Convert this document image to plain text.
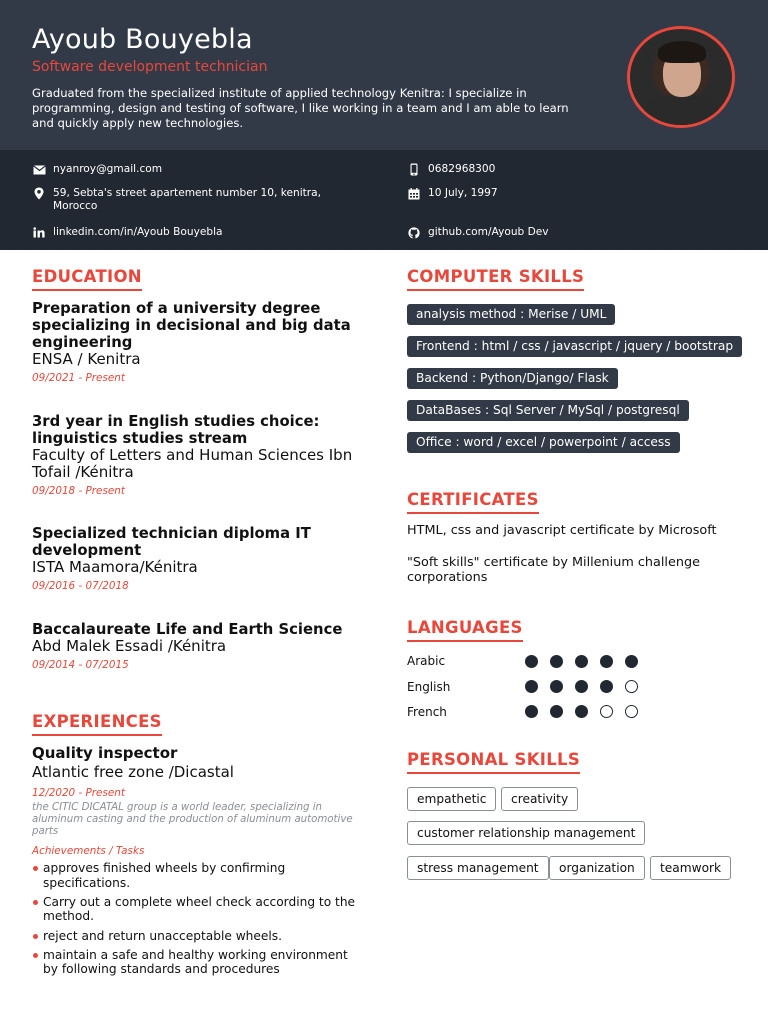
Ayoub Bouyebla
Software development technician
Graduated from the specialized institute of applied technology Kenitra: I specialize in programming, design and testing of software, I like working in a team and I am able to learn and quickly apply new technologies.
nyanroy@gmail.com
59, Sebta's street apartement number 10, kenitra, Morocco
linkedin.com/in/Ayoub Bouyebla
0682968300
10 July, 1997
github.com/Ayoub Dev
EDUCATION
Preparation of a university degree specializing in decisional and big data engineering
ENSA / Kenitra
09/2021 - Present
3rd year in English studies choice: linguistics studies stream
Faculty of Letters and Human Sciences Ibn Tofail /Kénitra
09/2018 - Present
Specialized technician diploma IT development
ISTA Maamora/Kénitra
09/2016 - 07/2018
Baccalaureate Life and Earth Science
Abd Malek Essadi /Kénitra
09/2014 - 07/2015
EXPERIENCES
Quality inspector
Atlantic free zone /Dicastal
12/2020 - Present
the CITIC DICATAL group is a world leader, specializing in aluminum casting and the production of aluminum automotive parts
Achievements / Tasks
approves finished wheels by confirming specifications.
Carry out a complete wheel check according to the method.
reject and return unacceptable wheels.
maintain a safe and healthy working environment by following standards and procedures
COMPUTER SKILLS
analysis method : Merise / UML
Frontend : html / css / javascript / jquery / bootstrap
Backend : Python/Django/ Flask
DataBases : Sql Server / MySql / postgresql
Office : word / excel / powerpoint / access
CERTIFICATES
HTML, css and javascript certificate by Microsoft
"Soft skills" certificate by Millenium challenge corporations
LANGUAGES
Arabic
English
French
PERSONAL SKILLS
empathetic	creativity
customer relationship management
stress management	organization	teamwork
